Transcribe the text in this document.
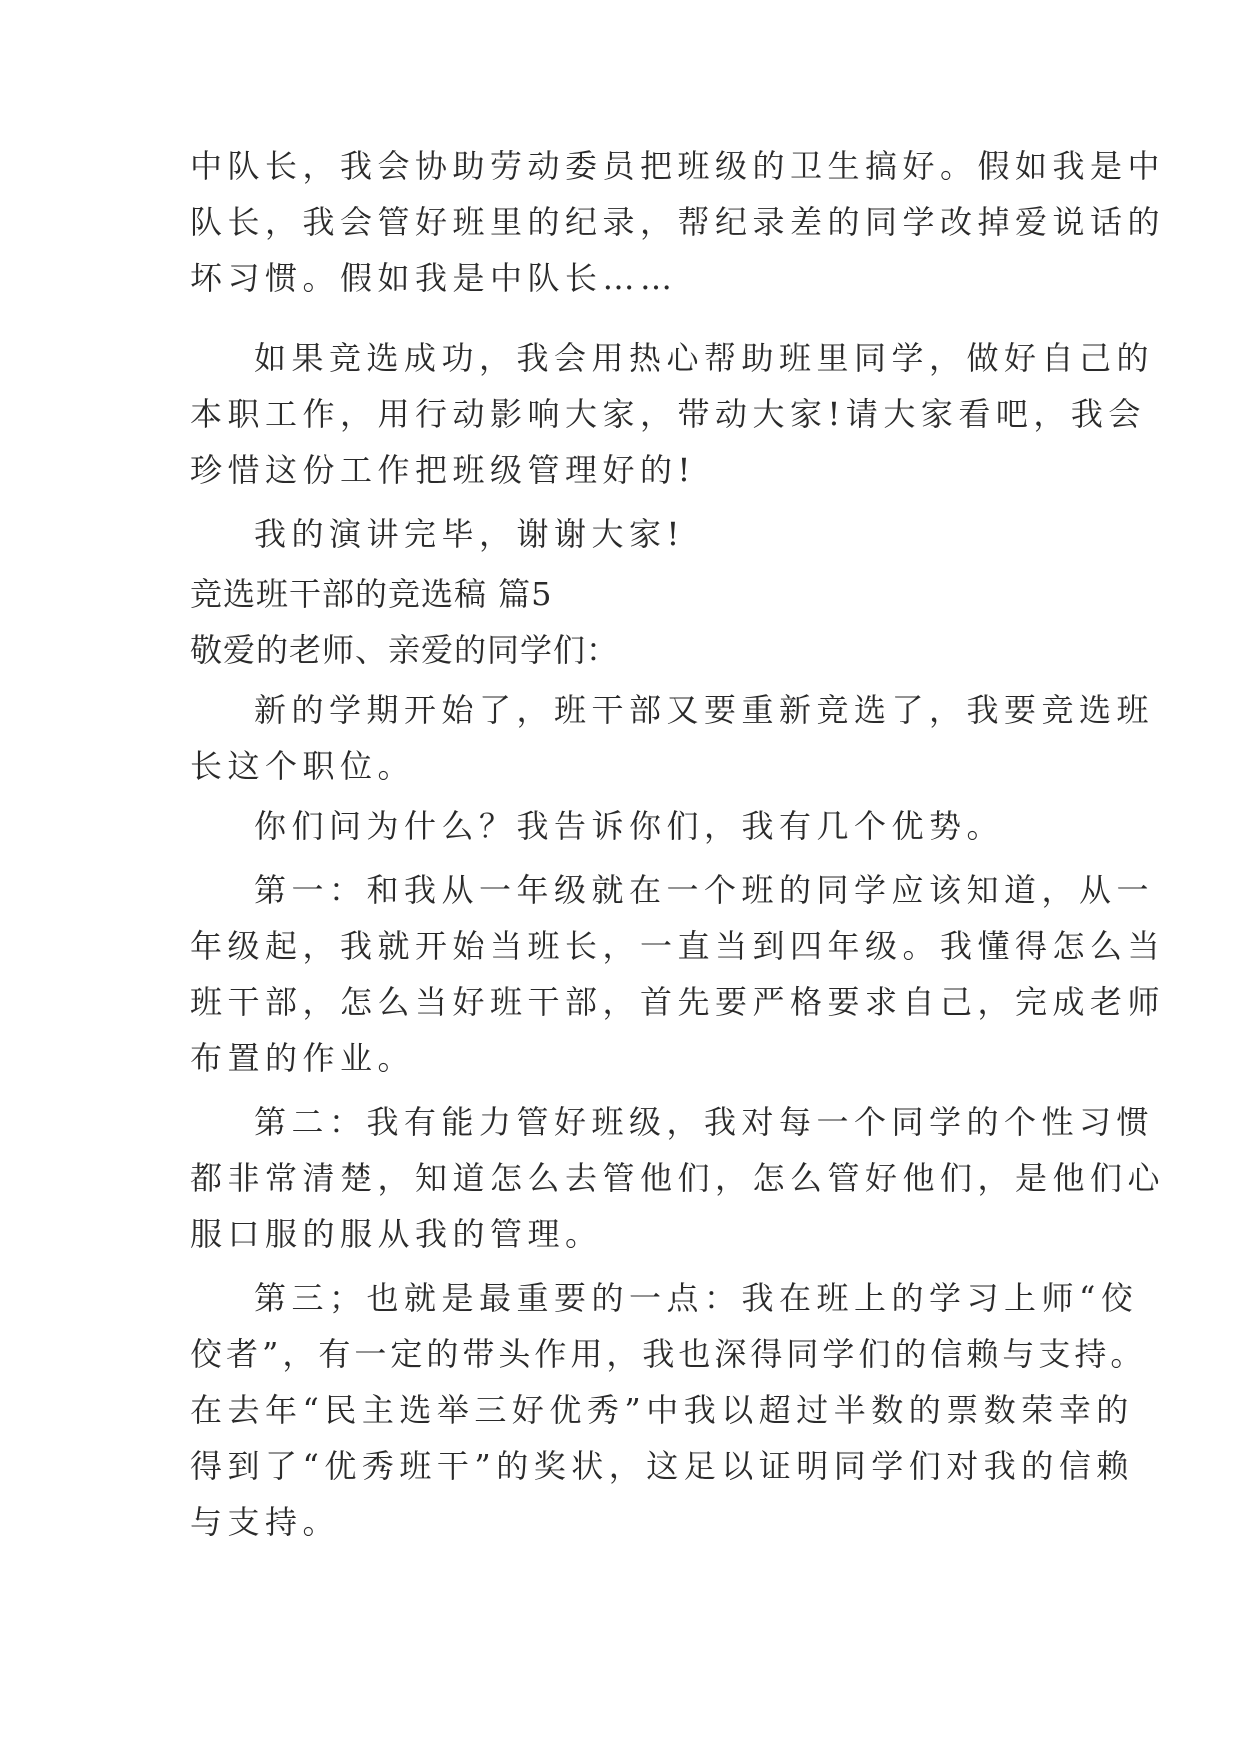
中队长，我会协助劳动委员把班级的卫生搞好。假如我是中
队长，我会管好班里的纪录，帮纪录差的同学改掉爱说话的
坏习惯。假如我是中队长……
如果竞选成功，我会用热心帮助班里同学，做好自己的
本职工作，用行动影响大家，带动大家!请大家看吧，我会
珍惜这份工作把班级管理好的!
我的演讲完毕，谢谢大家!
竞选班干部的竞选稿 篇5
敬爱的老师、亲爱的同学们：
新的学期开始了，班干部又要重新竞选了，我要竞选班
长这个职位。
你们问为什么？我告诉你们，我有几个优势。
第一：和我从一年级就在一个班的同学应该知道，从一
年级起，我就开始当班长，一直当到四年级。我懂得怎么当
班干部，怎么当好班干部，首先要严格要求自己，完成老师
布置的作业。
第二：我有能力管好班级，我对每一个同学的个性习惯
都非常清楚，知道怎么去管他们，怎么管好他们，是他们心
服口服的服从我的管理。
第三；也就是最重要的一点：我在班上的学习上师“佼
佼者”，有一定的带头作用，我也深得同学们的信赖与支持。
在去年“民主选举三好优秀”中我以超过半数的票数荣幸的
得到了“优秀班干”的奖状，这足以证明同学们对我的信赖
与支持。
